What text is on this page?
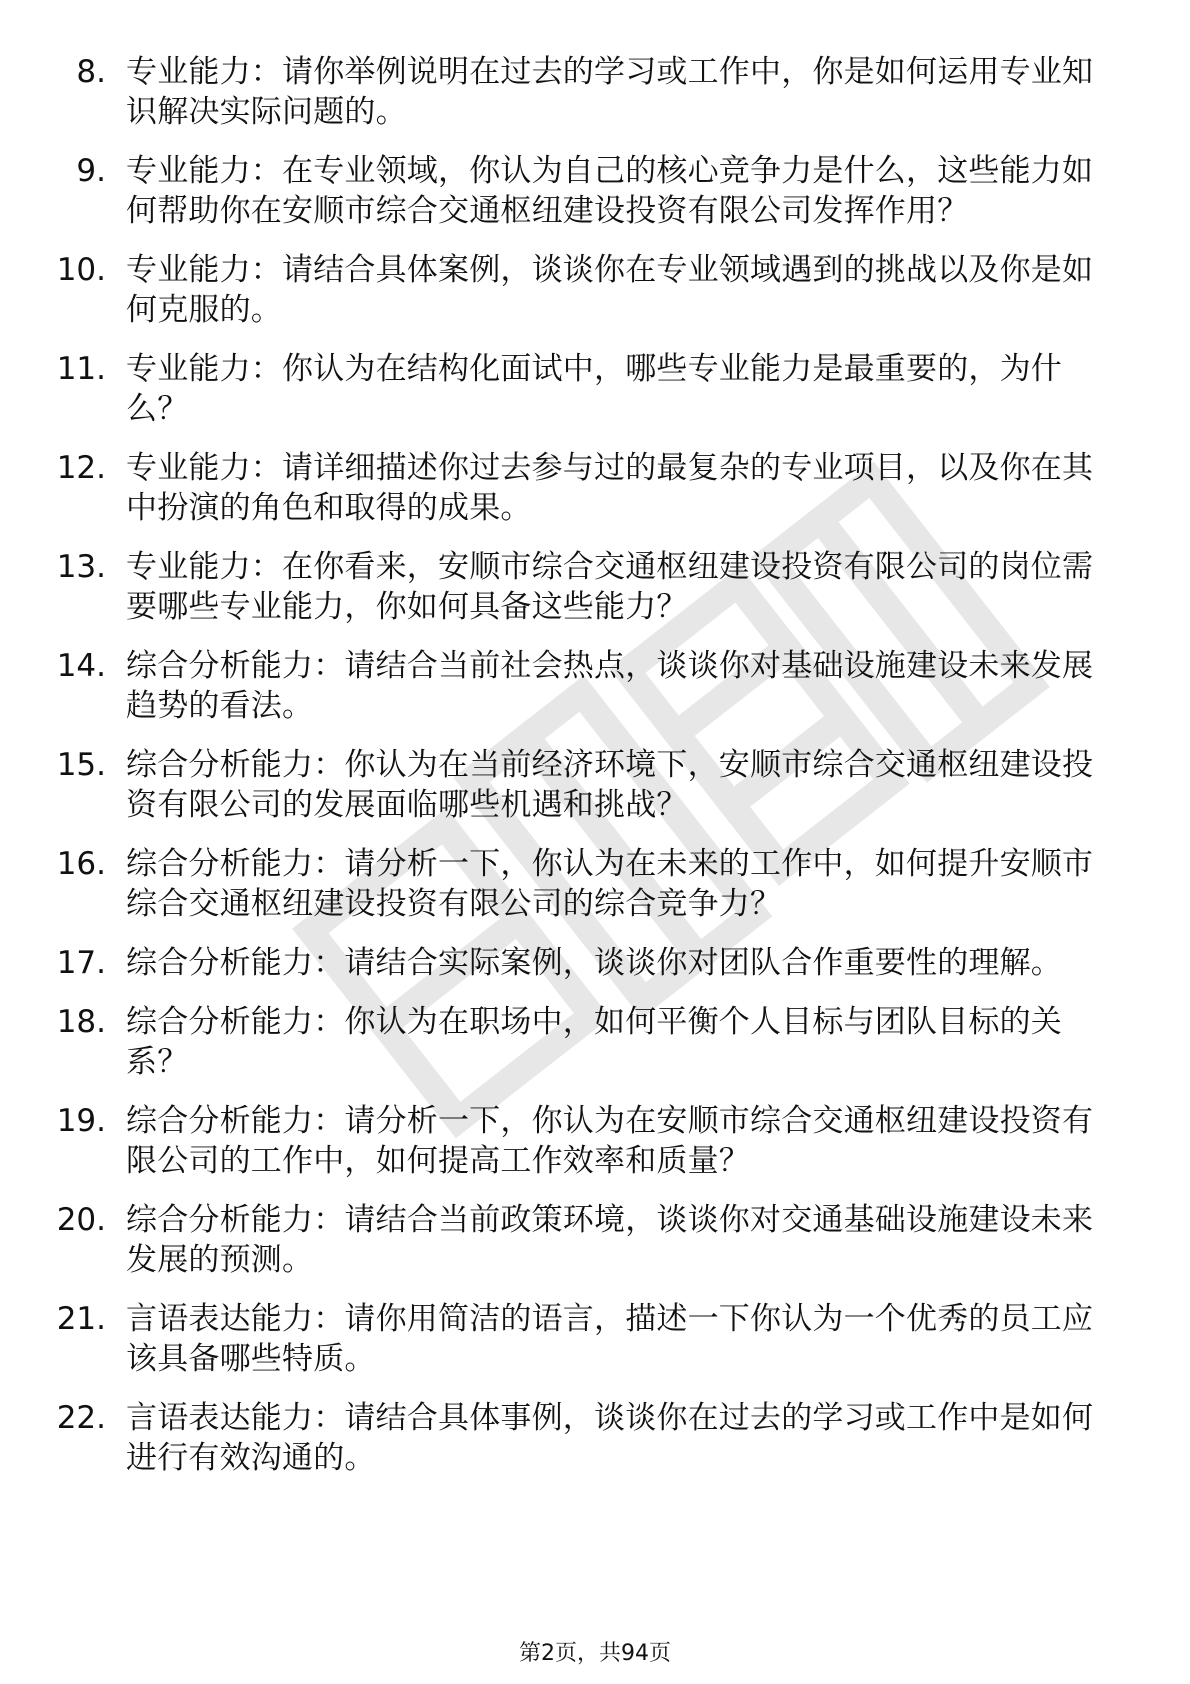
8. 专业能力：请你举例说明在过去的学习或工作中，你是如何运用专业知识解决实际问题的。
9. 专业能力：在专业领域，你认为自己的核心竞争力是什么，这些能力如何帮助你在安顺市综合交通枢纽建设投资有限公司发挥作用？
10. 专业能力：请结合具体案例，谈谈你在专业领域遇到的挑战以及你是如何克服的。
11. 专业能力：你认为在结构化面试中，哪些专业能力是最重要的，为什么？
12. 专业能力：请详细描述你过去参与过的最复杂的专业项目，以及你在其中扮演的角色和取得的成果。
13. 专业能力：在你看来，安顺市综合交通枢纽建设投资有限公司的岗位需要哪些专业能力，你如何具备这些能力？
14. 综合分析能力：请结合当前社会热点，谈谈你对基础设施建设未来发展趋势的看法。
15. 综合分析能力：你认为在当前经济环境下，安顺市综合交通枢纽建设投资有限公司的发展面临哪些机遇和挑战？
16. 综合分析能力：请分析一下，你认为在未来的工作中，如何提升安顺市综合交通枢纽建设投资有限公司的综合竞争力？
17. 综合分析能力：请结合实际案例，谈谈你对团队合作重要性的理解。
18. 综合分析能力：你认为在职场中，如何平衡个人目标与团队目标的关系？
19. 综合分析能力：请分析一下，你认为在安顺市综合交通枢纽建设投资有限公司的工作中，如何提高工作效率和质量？
20. 综合分析能力：请结合当前政策环境，谈谈你对交通基础设施建设未来发展的预测。
21. 言语表达能力：请你用简洁的语言，描述一下你认为一个优秀的员工应该具备哪些特质。
22. 言语表达能力：请结合具体事例，谈谈你在过去的学习或工作中是如何进行有效沟通的。
第2页，共94页
